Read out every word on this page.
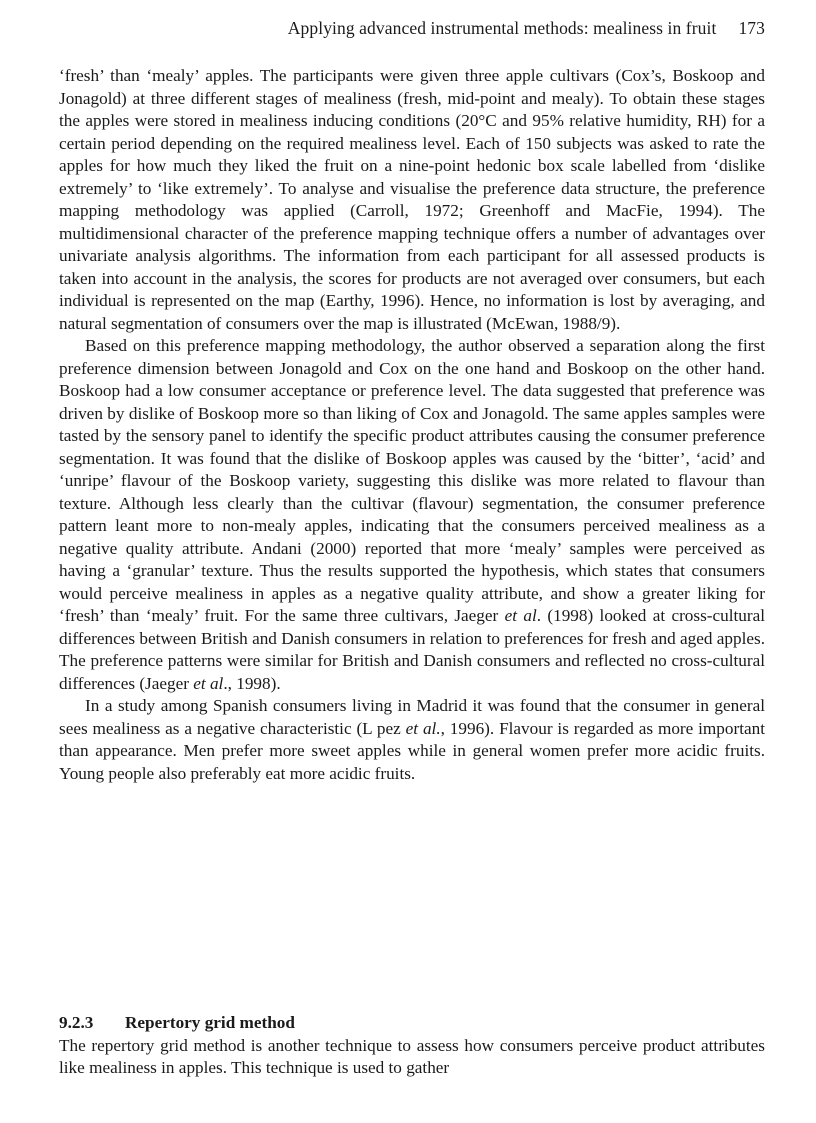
Applying advanced instrumental methods: mealiness in fruit 173

‘fresh’ than ‘mealy’ apples. The participants were given three apple cultivars (Cox’s, Boskoop and Jonagold) at three different stages of mealiness (fresh, mid-point and mealy). To obtain these stages the apples were stored in mealiness inducing conditions (20°C and 95% relative humidity, RH) for a certain period depending on the required mealiness level. Each of 150 subjects was asked to rate the apples for how much they liked the fruit on a nine-point hedonic box scale labelled from ‘dislike extremely’ to ‘like extremely’. To analyse and visualise the preference data structure, the preference mapping methodology was applied (Carroll, 1972; Greenhoff and MacFie, 1994). The multidimensional character of the preference mapping technique offers a number of advantages over univariate analysis algorithms. The information from each participant for all assessed products is taken into account in the analysis, the scores for products are not averaged over consumers, but each individual is represented on the map (Earthy, 1996). Hence, no information is lost by averaging, and natural segmentation of consumers over the map is illustrated (McEwan, 1988/9).

Based on this preference mapping methodology, the author observed a separation along the first preference dimension between Jonagold and Cox on the one hand and Boskoop on the other hand. Boskoop had a low consumer acceptance or preference level. The data suggested that preference was driven by dislike of Boskoop more so than liking of Cox and Jonagold. The same apples samples were tasted by the sensory panel to identify the specific product attributes causing the consumer preference segmentation. It was found that the dislike of Boskoop apples was caused by the ‘bitter’, ‘acid’ and ‘unripe’ flavour of the Boskoop variety, suggesting this dislike was more related to flavour than texture. Although less clearly than the cultivar (flavour) segmentation, the consumer preference pattern leant more to non-mealy apples, indicating that the consumers perceived mealiness as a negative quality attribute. Andani (2000) reported that more ‘mealy’ samples were perceived as having a ‘granular’ texture. Thus the results supported the hypothesis, which states that consumers would perceive mealiness in apples as a negative quality attribute, and show a greater liking for ‘fresh’ than ‘mealy’ fruit. For the same three cultivars, Jaeger et al. (1998) looked at cross-cultural differences between British and Danish consumers in relation to preferences for fresh and aged apples. The preference patterns were similar for British and Danish consumers and reflected no cross-cultural differences (Jaeger et al., 1998).

In a study among Spanish consumers living in Madrid it was found that the consumer in general sees mealiness as a negative characteristic (L pez et al., 1996). Flavour is regarded as more important than appearance. Men prefer more sweet apples while in general women prefer more acidic fruits. Young people also preferably eat more acidic fruits.

9.2.3 Repertory grid method

The repertory grid method is another technique to assess how consumers perceive product attributes like mealiness in apples. This technique is used to gather
